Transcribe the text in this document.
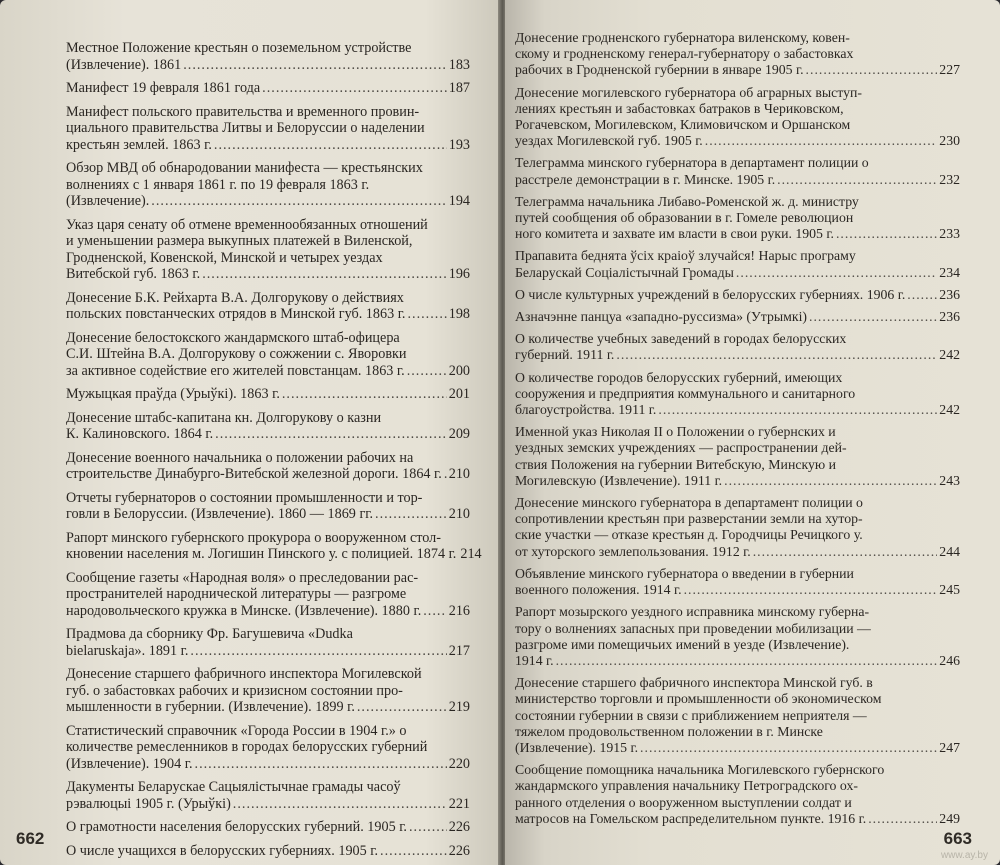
Местное Положение крестьян о поземельном устройстве
(Извлечение). 1861 .....	183
Манифест 19 февраля 1861 года .....	187
Манифест польского правительства и временного провин-
циального правительства Литвы и Белоруссии о наделении
крестьян землей. 1863 г. .....	193
Обзор МВД об обнародовании манифеста — крестьянских
волнениях с 1 января 1861 г. по 19 февраля 1863 г.
(Извлечение). .....	194
Указ царя сенату об отмене временнообязанных отношений
и уменьшении размера выкупных платежей в Виленской,
Гродненской, Ковенской, Минской и четырех уездах
Витебской губ. 1863 г. .....	196
Донесение Б.К. Рейхарта В.А. Долгорукову о действиях
польских повстанческих отрядов в Минской губ. 1863 г. .....	198
Донесение белостокского жандармского штаб-офицера
С.И. Штейна В.А. Долгорукову о сожжении с. Яворовки
за активное содействие его жителей повстанцам. 1863 г. .....	200
Мужыцкая праўда (Урыўкі). 1863 г. .....	201
Донесение штабс-капитана кн. Долгорукову о казни
К. Калиновского. 1864 г. .....	209
Донесение военного начальника о положении рабочих на
строительстве Динабурго-Витебской железной дороги. 1864 г. ..... 210
Отчеты губернаторов о состоянии промышленности и тор-
говли в Белоруссии. (Извлечение). 1860 — 1869 гг. .....	210
Рапорт минского губернского прокурора о вооруженном стол-
кновении населения м. Логишин Пинского у. с полицией. 1874 г. 214
Сообщение газеты «Народная воля» о преследовании рас-
пространителей народнической литературы — разгроме
народовольческого кружка в Минске. (Извлечение). 1880 г. ..... 216
Прадмова да сборнику Фр. Багушевича «Dudka
bielaruskaja». 1891 г. .....	217
Донесение старшего фабричного инспектора Могилевской
губ. о забастовках рабочих и кризисном состоянии про-
мышленности в губернии. (Извлечение). 1899 г. .....	219
Статистический справочник «Города России в 1904 г.» о
количестве ремесленников в городах белорусских губерний
(Извлечение). 1904 г. .....	220
Дакументы Беларускае Сацыялістычнае грамады часоў
рэвалюцыі 1905 г. (Урыўкі) .....	221
О грамотности населения белорусских губерний. 1905 г. .....	226
О числе учащихся в белорусских губерниях. 1905 г. .....	226
Донесение гродненского губернатора виленскому, ковен-
скому и гродненскому генерал-губернатору о забастовках
рабочих в Гродненской губернии в январе 1905 г. .....	227
Донесение могилевского губернатора об аграрных выступ-
лениях крестьян и забастовках батраков в Чериковском,
Рогачевском, Могилевском, Климовичском и Оршанском
уездах Могилевской губ. 1905 г. .....	230
Телеграмма минского губернатора в департамент полиции о
расстреле демонстрации в г. Минске. 1905 г. .....	232
Телеграмма начальника Либаво-Роменской ж. д. министру
путей сообщения об образовании в г. Гомеле революцион
ного комитета и захвате им власти в свои руки. 1905 г. .....	233
Прапавита беднята ўсіх краіоў злучайся! Нарыс програму
Беларускай Соціалістычнай Громады .....	234
О числе культурных учреждений в белорусских губерниях. 1906 г. ..... 236
Азначэнне панцуа «западно-руссизма» (Утрымкі) .....	236
О количестве учебных заведений в городах белорусских
губерний. 1911 г. .....	242
О количестве городов белорусских губерний, имеющих
сооружения и предприятия коммунального и санитарного
благоустройства. 1911 г. .....	242
Именной указ Николая II о Положении о губернских и
уездных земских учреждениях — распространении дей-
ствия Положения на губернии Витебскую, Минскую и
Могилевскую (Извлечение). 1911 г. .....	243
Донесение минского губернатора в департамент полиции о
сопротивлении крестьян при разверстании земли на хутор-
ские участки — отказе крестьян д. Городчицы Речицкого у.
от хуторского землепользования. 1912 г. .....	244
Объявление минского губернатора о введении в губернии
военного положения. 1914 г. .....	245
Рапорт мозырского уездного исправника минскому губерна-
тору о волнениях запасных при проведении мобилизации —
разгроме ими помещичьих имений в уезде (Извлечение).
1914 г. .....	246
Донесение старшего фабричного инспектора Минской губ. в
министерство торговли и промышленности об экономическом
состоянии губернии в связи с приближением неприятеля —
тяжелом продовольственном положении в г. Минске
(Извлечение). 1915 г. .....	247
Сообщение помощника начальника Могилевского губернского
жандармского управления начальнику Петроградского ох-
ранного отделения о вооруженном выступлении солдат и
матросов на Гомельском распределительном пункте. 1916 г. .....	249
662	663
www.ay.by
